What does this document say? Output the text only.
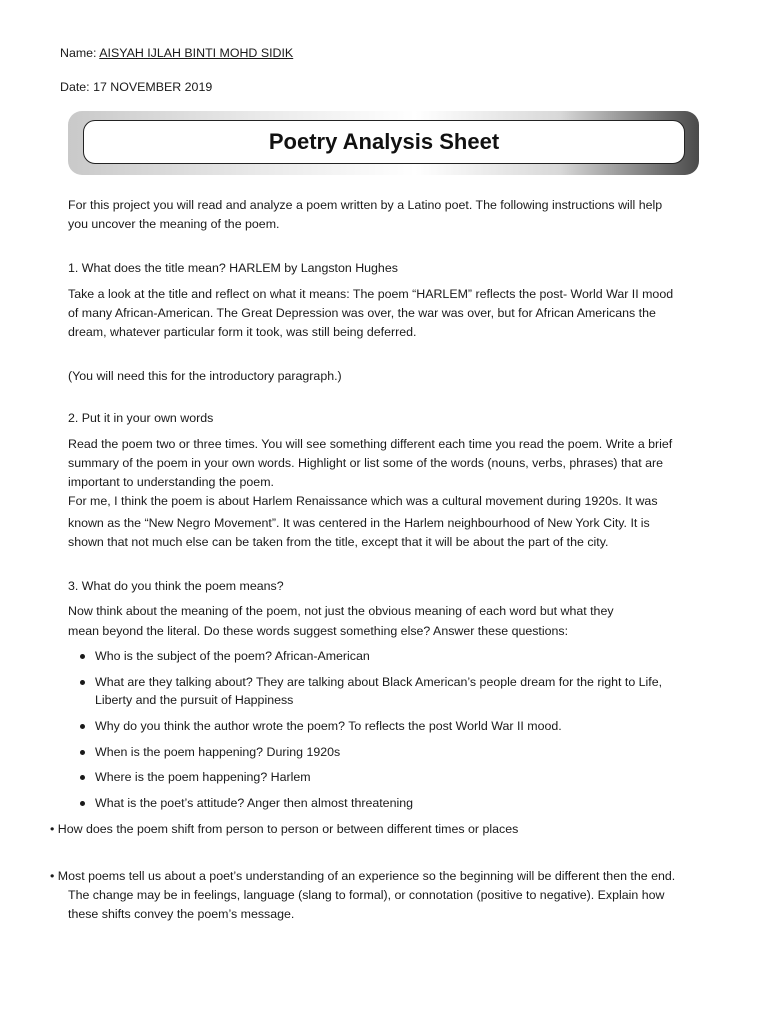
Name: AISYAH IJLAH BINTI MOHD SIDIK
Date: 17 NOVEMBER 2019
Poetry Analysis Sheet
For this project you will read and analyze a poem written by a Latino poet. The following instructions will help
you uncover the meaning of the poem.
1. What does the title mean? HARLEM by Langston Hughes
Take a look at the title and reflect on what it means: The poem “HARLEM” reflects the post- World War II mood
of many African-American. The Great Depression was over, the war was over, but for African Americans the
dream, whatever particular form it took, was still being deferred.
(You will need this for the introductory paragraph.)
2. Put it in your own words
Read the poem two or three times. You will see something different each time you read the poem. Write a brief
summary of the poem in your own words. Highlight or list some of the words (nouns, verbs, phrases) that are
important to understanding the poem.
For me, I think the poem is about Harlem Renaissance which was a cultural movement during 1920s. It was
known as the “New Negro Movement”. It was centered in the Harlem neighbourhood of New York City. It is
shown that not much else can be taken from the title, except that it will be about the part of the city.
3. What do you think the poem means?
Now think about the meaning of the poem, not just the obvious meaning of each word but what they
mean beyond the literal. Do these words suggest something else? Answer these questions:
Who is the subject of the poem? African-American
What are they talking about? They are talking about Black American’s people dream for the right to Life,
Liberty and the pursuit of Happiness
Why do you think the author wrote the poem? To reflects the post World War II mood.
When is the poem happening? During 1920s
Where is the poem happening? Harlem
What is the poet’s attitude? Anger then almost threatening
• How does the poem shift from person to person or between different times or places
• Most poems tell us about a poet’s understanding of an experience so the beginning will be different then the end.
The change may be in feelings, language (slang to formal), or connotation (positive to negative). Explain how
these shifts convey the poem’s message.
